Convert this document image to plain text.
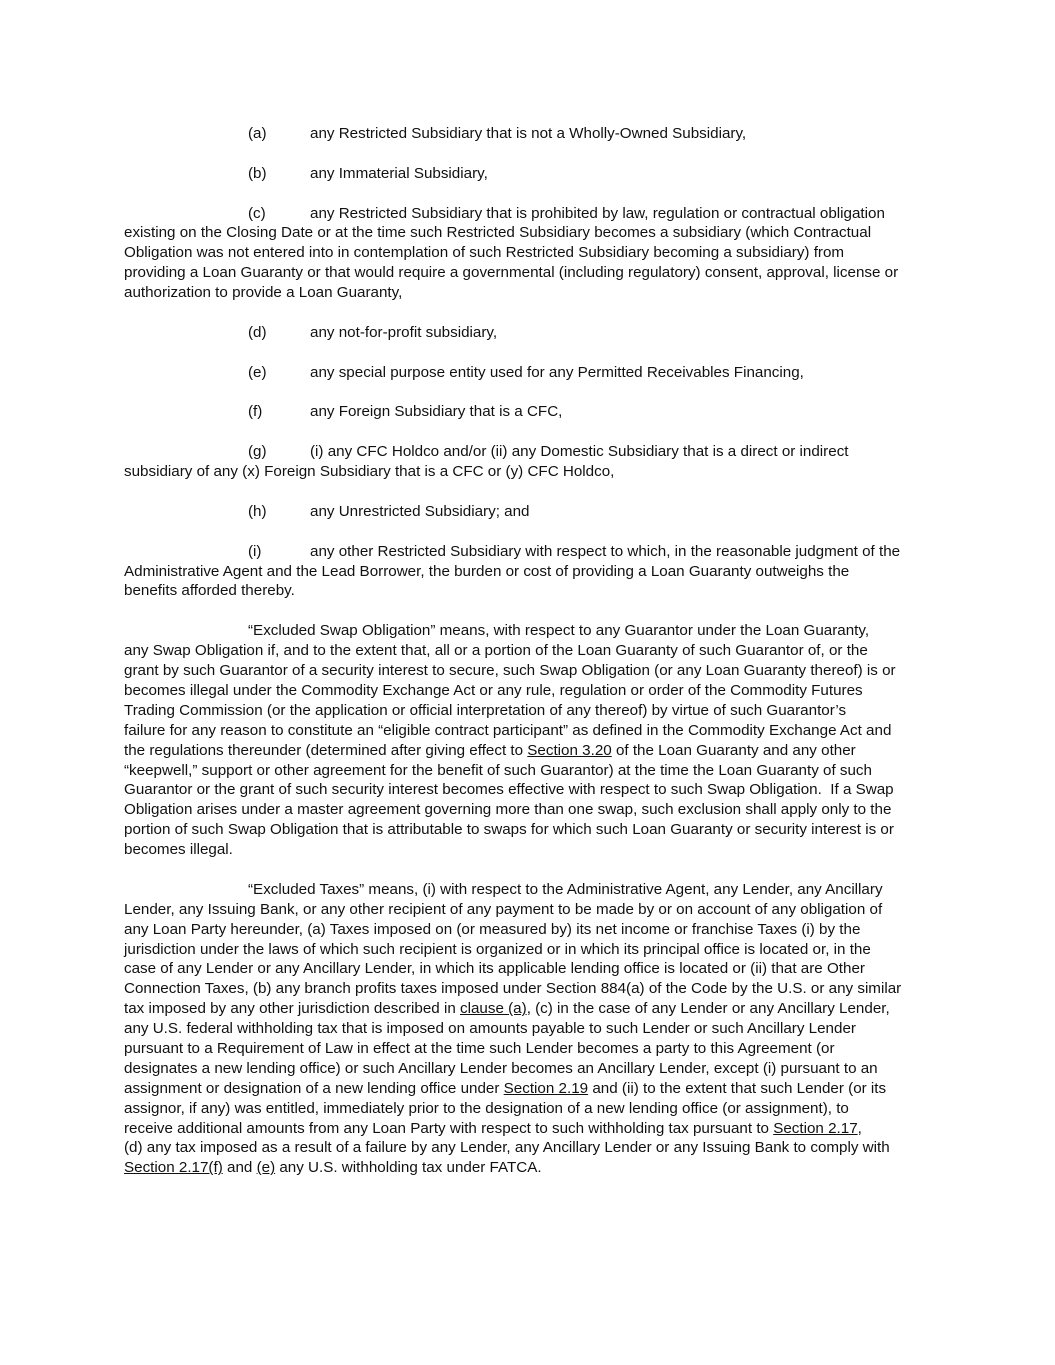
(a)	any Restricted Subsidiary that is not a Wholly-Owned Subsidiary,
(b)	any Immaterial Subsidiary,
(c)	any Restricted Subsidiary that is prohibited by law, regulation or contractual obligation
existing on the Closing Date or at the time such Restricted Subsidiary becomes a subsidiary (which Contractual
Obligation was not entered into in contemplation of such Restricted Subsidiary becoming a subsidiary) from
providing a Loan Guaranty or that would require a governmental (including regulatory) consent, approval, license or
authorization to provide a Loan Guaranty,
(d)	any not-for-profit subsidiary,
(e)	any special purpose entity used for any Permitted Receivables Financing,
(f)	any Foreign Subsidiary that is a CFC,
(g)	(i) any CFC Holdco and/or (ii) any Domestic Subsidiary that is a direct or indirect
subsidiary of any (x) Foreign Subsidiary that is a CFC or (y) CFC Holdco,
(h)	any Unrestricted Subsidiary; and
(i)	any other Restricted Subsidiary with respect to which, in the reasonable judgment of the
Administrative Agent and the Lead Borrower, the burden or cost of providing a Loan Guaranty outweighs the
benefits afforded thereby.
“Excluded Swap Obligation” means, with respect to any Guarantor under the Loan Guaranty,
any Swap Obligation if, and to the extent that, all or a portion of the Loan Guaranty of such Guarantor of, or the
grant by such Guarantor of a security interest to secure, such Swap Obligation (or any Loan Guaranty thereof) is or
becomes illegal under the Commodity Exchange Act or any rule, regulation or order of the Commodity Futures
Trading Commission (or the application or official interpretation of any thereof) by virtue of such Guarantor’s
failure for any reason to constitute an “eligible contract participant” as defined in the Commodity Exchange Act and
the regulations thereunder (determined after giving effect to Section 3.20 of the Loan Guaranty and any other
“keepwell,” support or other agreement for the benefit of such Guarantor) at the time the Loan Guaranty of such
Guarantor or the grant of such security interest becomes effective with respect to such Swap Obligation.  If a Swap
Obligation arises under a master agreement governing more than one swap, such exclusion shall apply only to the
portion of such Swap Obligation that is attributable to swaps for which such Loan Guaranty or security interest is or
becomes illegal.
“Excluded Taxes” means, (i) with respect to the Administrative Agent, any Lender, any Ancillary
Lender, any Issuing Bank, or any other recipient of any payment to be made by or on account of any obligation of
any Loan Party hereunder, (a) Taxes imposed on (or measured by) its net income or franchise Taxes (i) by the
jurisdiction under the laws of which such recipient is organized or in which its principal office is located or, in the
case of any Lender or any Ancillary Lender, in which its applicable lending office is located or (ii) that are Other
Connection Taxes, (b) any branch profits taxes imposed under Section 884(a) of the Code by the U.S. or any similar
tax imposed by any other jurisdiction described in clause (a), (c) in the case of any Lender or any Ancillary Lender,
any U.S. federal withholding tax that is imposed on amounts payable to such Lender or such Ancillary Lender
pursuant to a Requirement of Law in effect at the time such Lender becomes a party to this Agreement (or
designates a new lending office) or such Ancillary Lender becomes an Ancillary Lender, except (i) pursuant to an
assignment or designation of a new lending office under Section 2.19 and (ii) to the extent that such Lender (or its
assignor, if any) was entitled, immediately prior to the designation of a new lending office (or assignment), to
receive additional amounts from any Loan Party with respect to such withholding tax pursuant to Section 2.17,
(d) any tax imposed as a result of a failure by any Lender, any Ancillary Lender or any Issuing Bank to comply with
Section 2.17(f) and (e) any U.S. withholding tax under FATCA.
